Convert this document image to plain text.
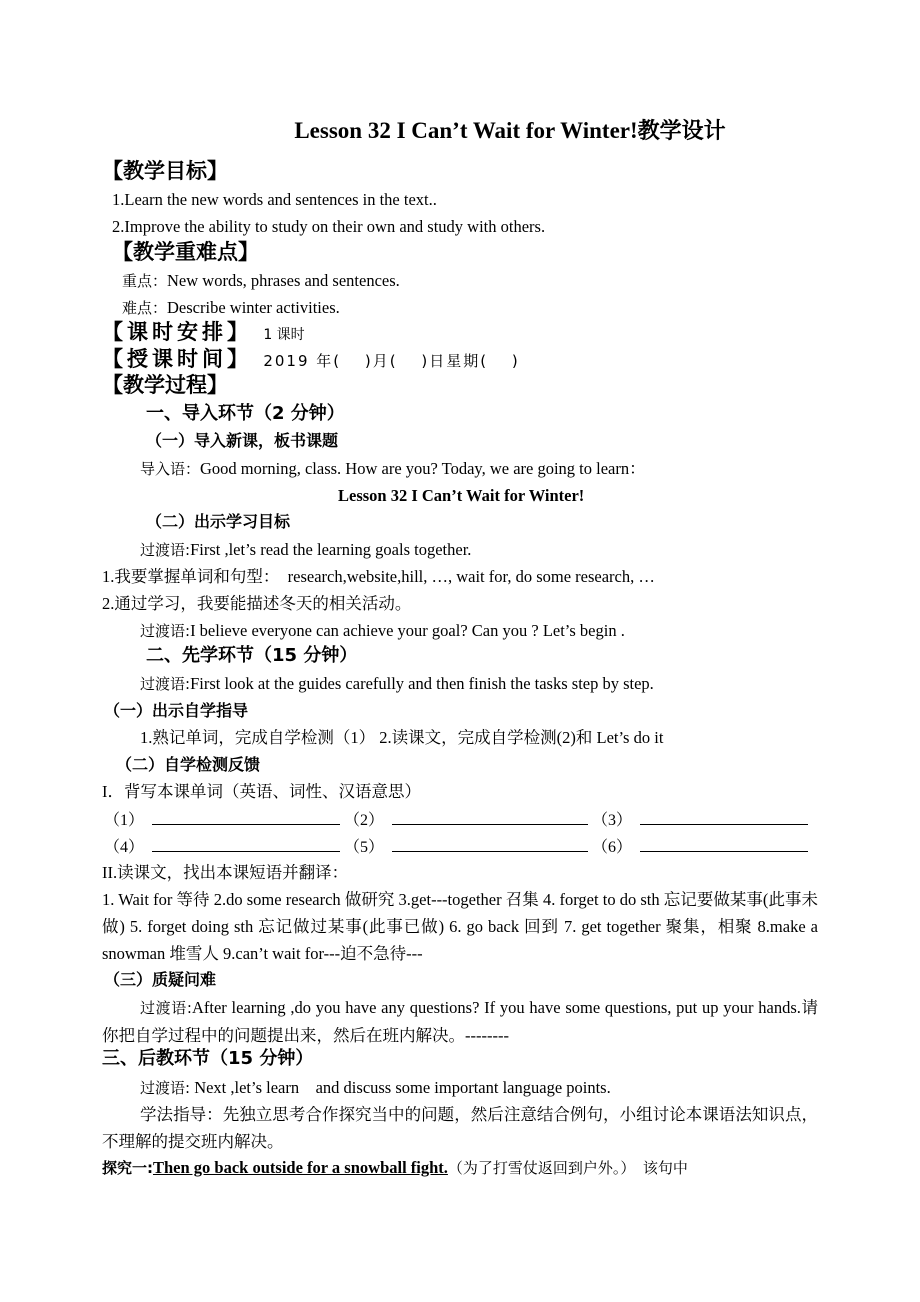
Lesson 32 I Can’t Wait for Winter!教学设计
【教学目标】
1.Learn the new words and sentences in the text..
2.Improve the ability to study on their own and study with others.
【教学重难点】
重点：New words, phrases and sentences.
难点：Describe winter activities.
【课时安排】 1 课时
【授课时间】 2019 年(　 )月(　 )日星期(　 )
【教学过程】
一、导入环节（2 分钟）
（一）导入新课，板书课题
导入语：Good morning, class. How are you? Today, we are going to learn：
Lesson 32 I Can’t Wait for Winter!
（二）出示学习目标
过渡语:First ,let’s read the learning goals together.
1.我要掌握单词和句型：　research,website,hill, …, wait for, do some research, …
2.通过学习，我要能描述冬天的相关活动。
过渡语:I believe everyone can achieve your goal? Can you ? Let’s begin .
二、先学环节（15 分钟）
过渡语:First look at the guides carefully and then finish the tasks step by step.
（一）出示自学指导
1.熟记单词，完成自学检测（1） 2.读课文，完成自学检测(2)和 Let’s do it
（二）自学检测反馈
I．背写本课单词（英语、词性、汉语意思）
（1）	（2）	（3）
（4）	（5）	（6）
II.读课文，找出本课短语并翻译：
1. Wait for 等待 2.do some research 做研究 3.get---together 召集 4. forget to do sth 忘记要做某事(此事未做) 5. forget doing sth 忘记做过某事(此事已做) 6. go back 回到 7. get together 聚集，相聚 8.make a snowman 堆雪人 9.can’t wait for---迫不急待---
（三）质疑问难
过渡语:After learning ,do you have any questions? If you have some questions, put up your hands.请你把自学过程中的问题提出来，然后在班内解决。--------
三、后教环节（15 分钟）
过渡语: Next ,let’s learn　and discuss some important language points.
学法指导：先独立思考合作探究当中的问题，然后注意结合例句，小组讨论本课语法知识点，不理解的提交班内解决。
探究一:Then go back outside for a snowball fight.（为了打雪仗返回到户外。）　该句中
